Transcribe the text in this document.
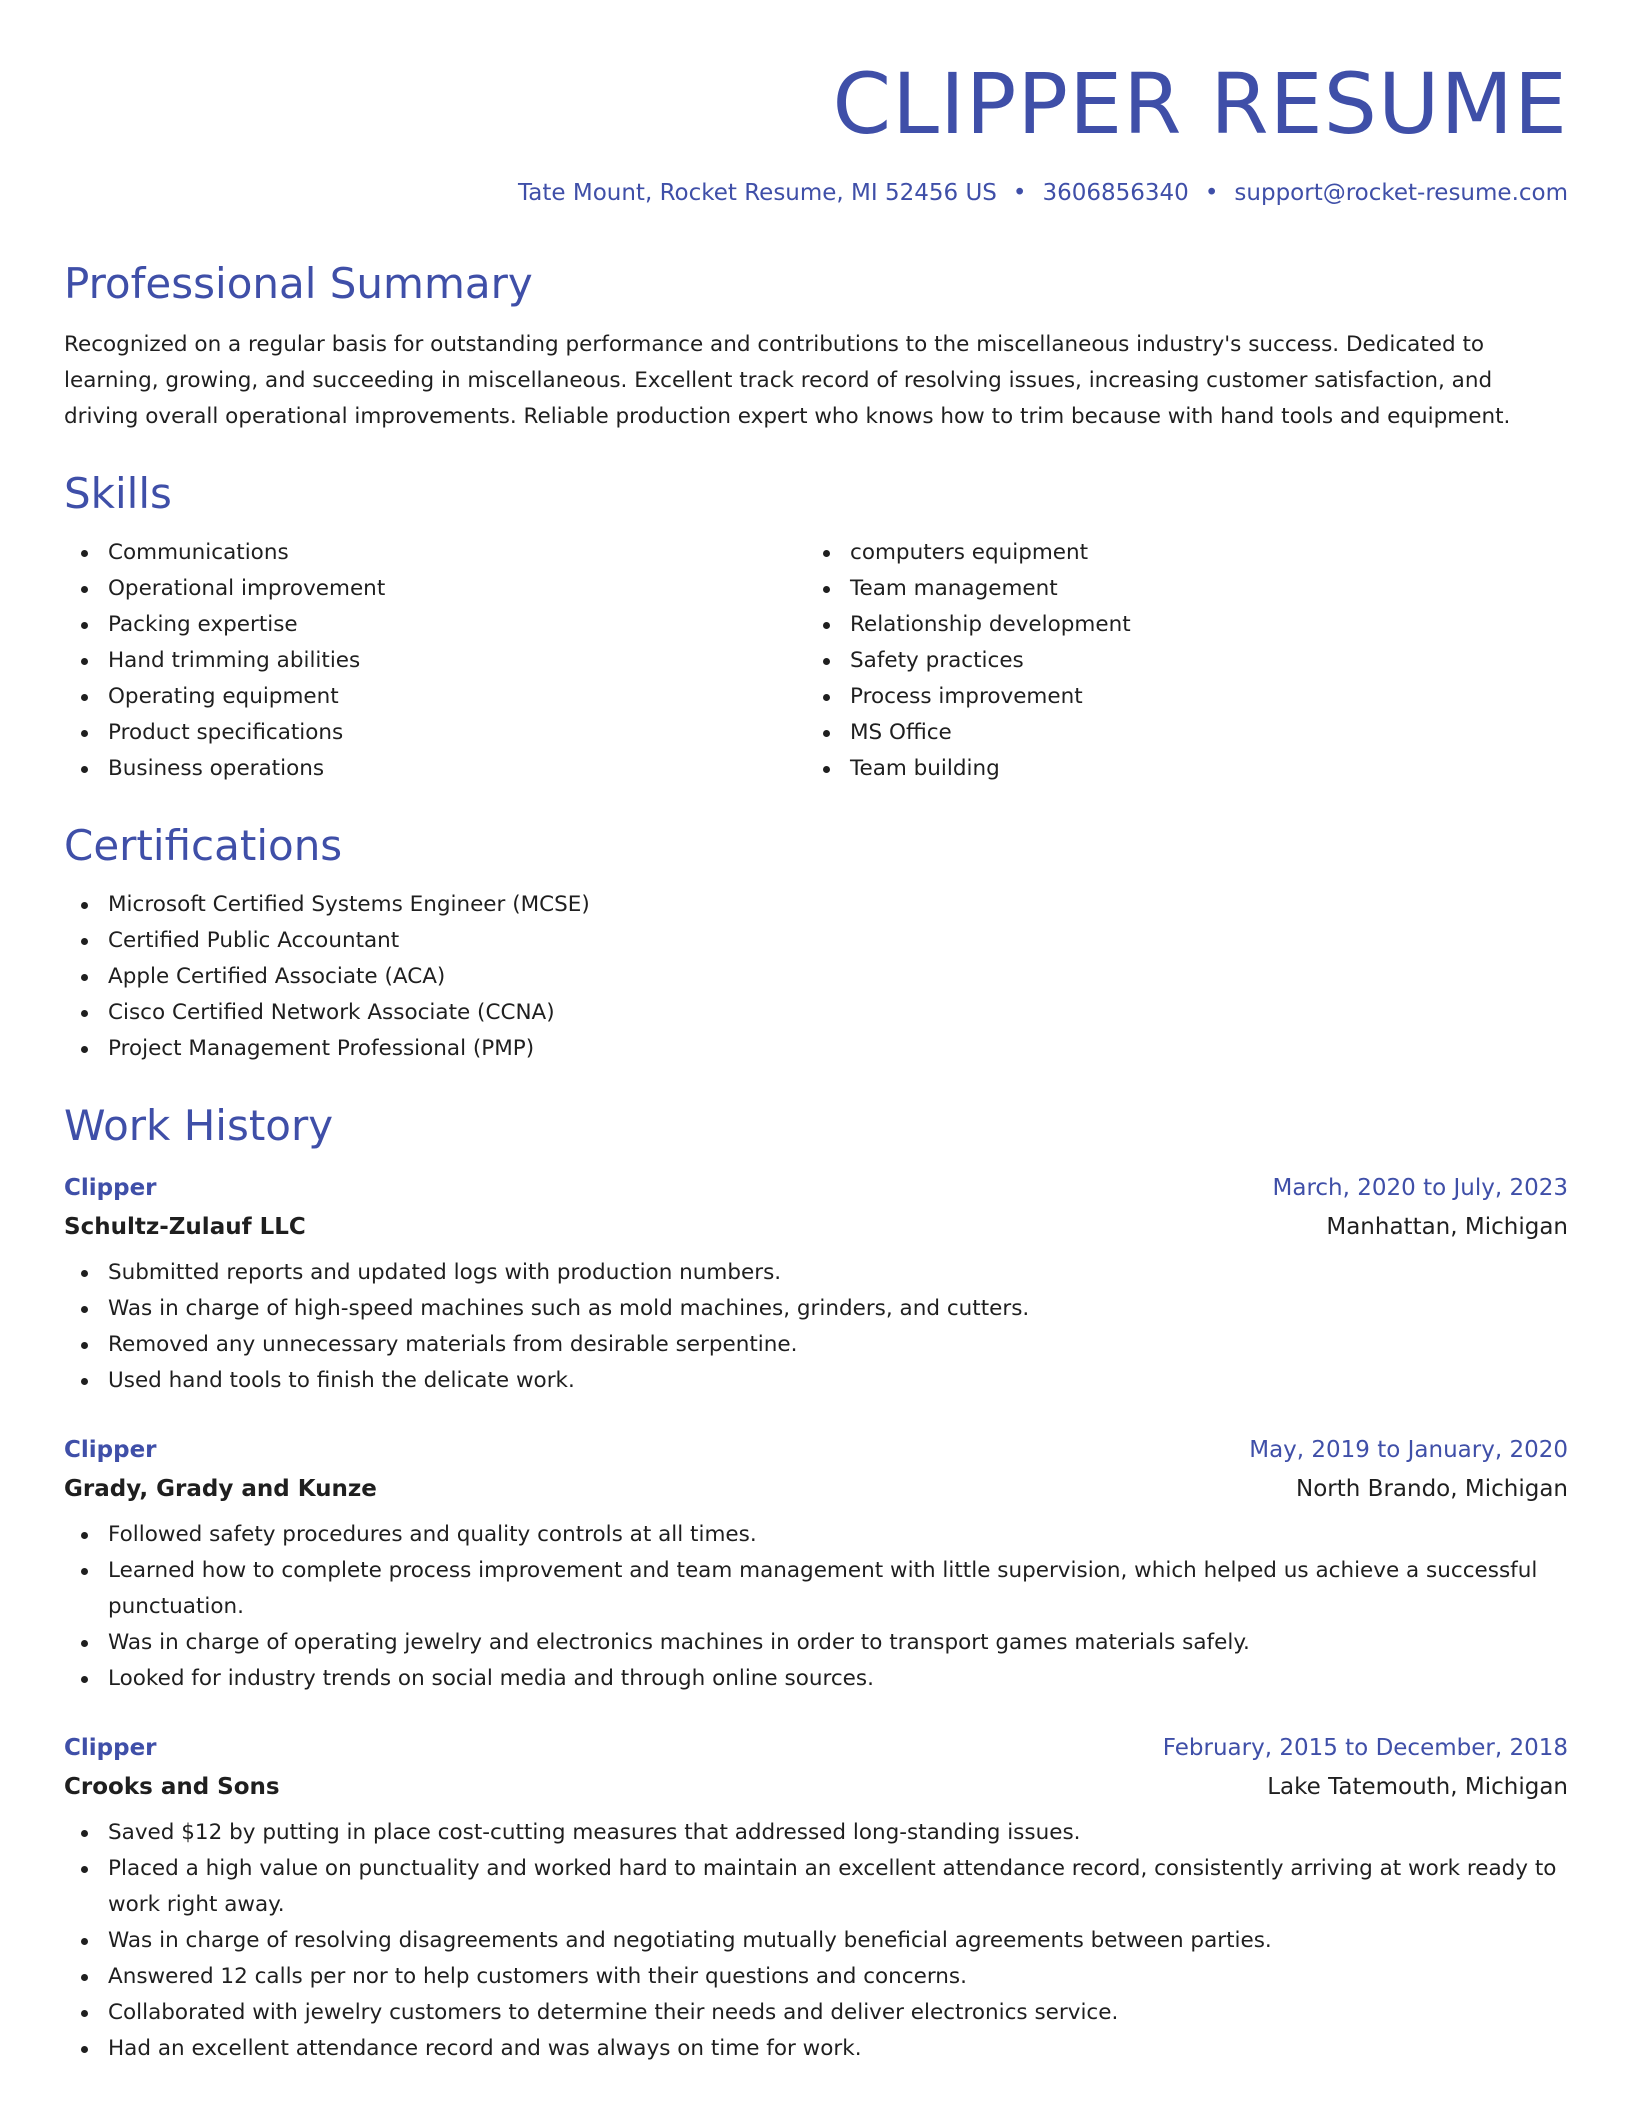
CLIPPER RESUME
Tate Mount, Rocket Resume, MI 52456 US • 3606856340 • support@rocket-resume.com
Professional Summary
Recognized on a regular basis for outstanding performance and contributions to the miscellaneous industry's success. Dedicated to learning, growing, and succeeding in miscellaneous. Excellent track record of resolving issues, increasing customer satisfaction, and driving overall operational improvements. Reliable production expert who knows how to trim because with hand tools and equipment.
Skills
Communications
Operational improvement
Packing expertise
Hand trimming abilities
Operating equipment
Product specifications
Business operations
computers equipment
Team management
Relationship development
Safety practices
Process improvement
MS Office
Team building
Certifications
Microsoft Certified Systems Engineer (MCSE)
Certified Public Accountant
Apple Certified Associate (ACA)
Cisco Certified Network Associate (CCNA)
Project Management Professional (PMP)
Work History
Clipper	March, 2020 to July, 2023
Schultz-Zulauf LLC	Manhattan, Michigan
Submitted reports and updated logs with production numbers.
Was in charge of high-speed machines such as mold machines, grinders, and cutters.
Removed any unnecessary materials from desirable serpentine.
Used hand tools to finish the delicate work.
Clipper	May, 2019 to January, 2020
Grady, Grady and Kunze	North Brando, Michigan
Followed safety procedures and quality controls at all times.
Learned how to complete process improvement and team management with little supervision, which helped us achieve a successful punctuation.
Was in charge of operating jewelry and electronics machines in order to transport games materials safely.
Looked for industry trends on social media and through online sources.
Clipper	February, 2015 to December, 2018
Crooks and Sons	Lake Tatemouth, Michigan
Saved $12 by putting in place cost-cutting measures that addressed long-standing issues.
Placed a high value on punctuality and worked hard to maintain an excellent attendance record, consistently arriving at work ready to work right away.
Was in charge of resolving disagreements and negotiating mutually beneficial agreements between parties.
Answered 12 calls per nor to help customers with their questions and concerns.
Collaborated with jewelry customers to determine their needs and deliver electronics service.
Had an excellent attendance record and was always on time for work.
